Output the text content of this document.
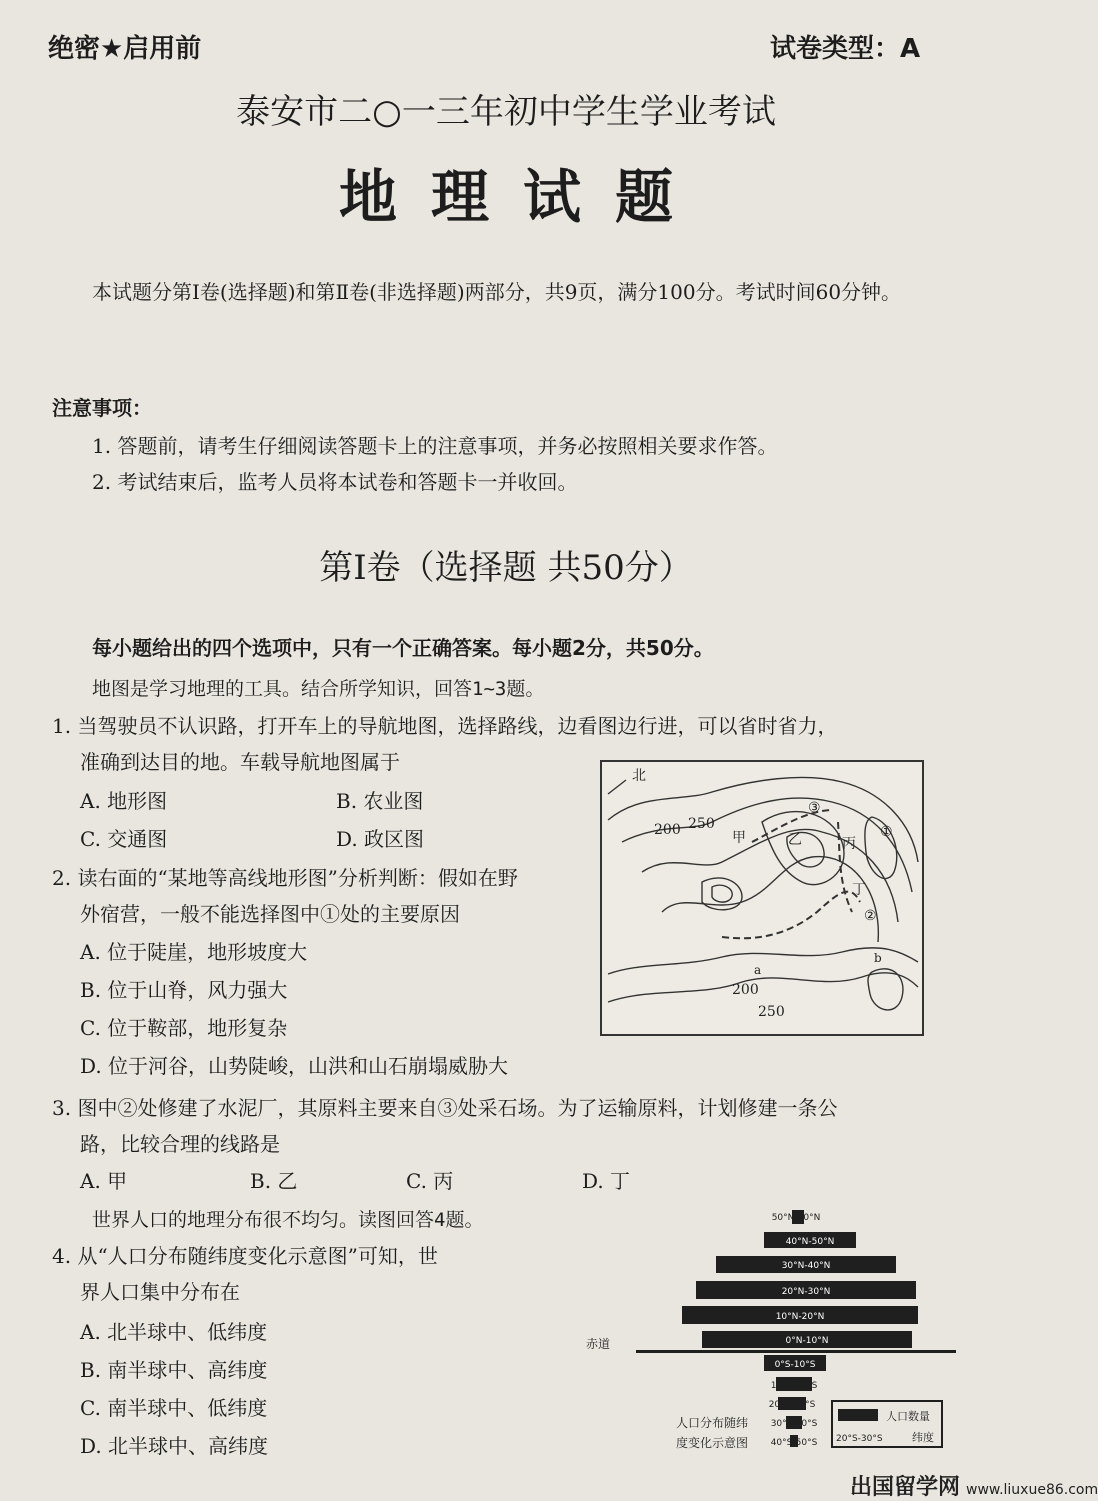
绝密★启用前	试卷类型：A
泰安市二○一三年初中学生学业考试
地理试题
本试题分第Ⅰ卷(选择题)和第Ⅱ卷(非选择题)两部分，共9页，满分100分。考试时间60分钟。
注意事项：
1. 答题前，请考生仔细阅读答题卡上的注意事项，并务必按照相关要求作答。
2. 考试结束后，监考人员将本试卷和答题卡一并收回。
第Ⅰ卷（选择题 共50分）
每小题给出的四个选项中，只有一个正确答案。每小题2分，共50分。
地图是学习地理的工具。结合所学知识，回答1~3题。
1. 当驾驶员不认识路，打开车上的导航地图，选择路线，边看图边行进，可以省时省力，
准确到达目的地。车载导航地图属于
A. 地形图	B. 农业图
C. 交通图	D. 政区图
2. 读右面的“某地等高线地形图”分析判断：假如在野
外宿营，一般不能选择图中①处的主要原因
A. 位于陡崖，地形坡度大
B. 位于山脊，风力强大
C. 位于鞍部，地形复杂
D. 位于河谷，山势陡峻，山洪和山石崩塌威胁大
北
200 250
甲	乙	丙
丁
①
②
③
a
b
200
250
3. 图中②处修建了水泥厂，其原料主要来自③处采石场。为了运输原料，计划修建一条公
路，比较合理的线路是
A. 甲	B. 乙	C. 丙	D. 丁
世界人口的地理分布很不均匀。读图回答4题。
4. 从“人口分布随纬度变化示意图”可知，世
界人口集中分布在
A. 北半球中、低纬度
B. 南半球中、高纬度
C. 南半球中、低纬度
D. 北半球中、高纬度
50°N-60°N
40°N-50°N
30°N-40°N
20°N-30°N
10°N-20°N
0°N-10°N
0°S-10°S
10°S-20°S
20°S-30°S
30°S-40°S
40°S-50°S
赤道
人口分布随纬
度变化示意图
人口数量
20°S-30°S	纬度
出国留学网 www.liuxue86.com
